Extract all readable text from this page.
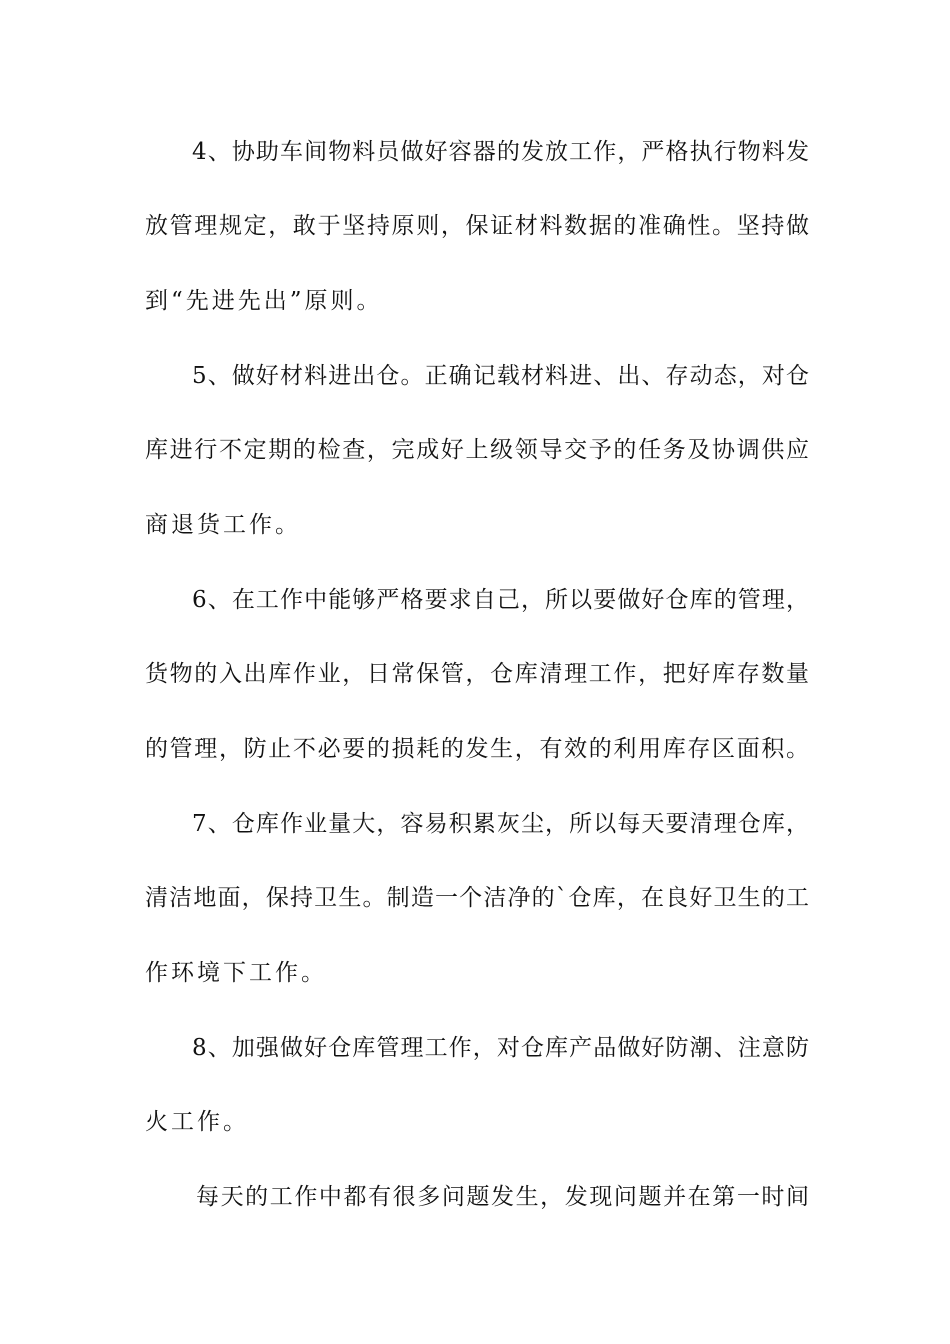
4、协助车间物料员做好容器的发放工作，严格执行物料发
放管理规定，敢于坚持原则，保证材料数据的准确性。坚持做
到“先进先出”原则。
5、做好材料进出仓。正确记载材料进、出、存动态，对仓
库进行不定期的检查，完成好上级领导交予的任务及协调供应
商退货工作。
6、在工作中能够严格要求自己，所以要做好仓库的管理，
货物的入出库作业，日常保管，仓库清理工作，把好库存数量
的管理，防止不必要的损耗的发生，有效的利用库存区面积。
7、仓库作业量大，容易积累灰尘，所以每天要清理仓库，
清洁地面，保持卫生。制造一个洁净的`仓库，在良好卫生的工
作环境下工作。
8、加强做好仓库管理工作，对仓库产品做好防潮、注意防
火工作。
每天的工作中都有很多问题发生，发现问题并在第一时间
